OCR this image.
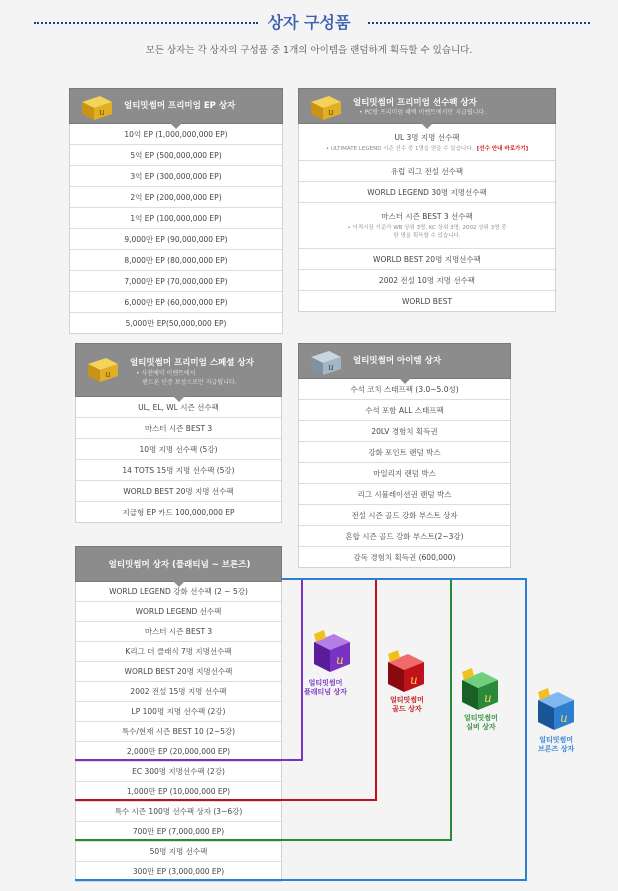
상자 구성품
모든 상자는 각 상자의 구성품 중 1개의 아이템을 랜덤하게 획득할 수 있습니다.
u
얼티밋썸머 프리미엄 EP 상자
10억 EP (1,000,000,000 EP)
5억 EP (500,000,000 EP)
3억 EP (300,000,000 EP)
2억 EP (200,000,000 EP)
1억 EP (100,000,000 EP)
9,000만 EP (90,000,000 EP)
8,000만 EP (80,000,000 EP)
7,000만 EP (70,000,000 EP)
6,000만 EP (60,000,000 EP)
5,000만 EP(50,000,000 EP)
u
얼티밋썸머 프리미엄 선수팩 상자
• PC방 프리미엄 혜택 이벤트에서만 지급됩니다.
UL 3명 지명 선수팩
• ULTIMATE LEGEND 시즌 선수 중 1명을 얻을 수 있습니다. [선수 안내 바로가기]
유럽 리그 전설 선수팩
WORLD LEGEND 30명 지명선수팩
마스터 시즌 BEST 3 선수팩
• 이적시장 기준가 WB 상위 3명, KC 상위 3명, 2002 상위 3명 중
한 명을 획득할 수 있습니다.
WORLD BEST 20명 지명선수팩
2002 전설 10명 지명 선수팩
WORLD BEST
u
얼티밋썸머 프리미엄 스페셜 상자
• 사전예약 이벤트에서
핸드폰 인증 보상으로만 지급됩니다.
UL, EL, WL 시즌 선수팩
마스터 시즌 BEST 3
10명 지명 선수팩 (5강)
14 TOTS 15명 지명 선수팩 (5강)
WORLD BEST 20명 지명 선수팩
지급형 EP 카드 100,000,000 EP
u
얼티밋썸머 아이템 상자
수석 코치 스태프팩 (3.0~5.0성)
수석 포함 ALL 스태프팩
20LV 경험치 획득권
강화 포인트 랜덤 박스
마일리지 랜덤 박스
리그 시뮬레이션권 랜덤 박스
전설 시즌 골드 강화 부스트 상자
혼합 시즌 골드 강화 부스트(2~3강)
감독 경험치 획득권 (600,000)
얼티밋썸머 상자 (플래티넘 ~ 브론즈)
WORLD LEGEND 강화 선수팩 (2 ~ 5강)
WORLD LEGEND 선수팩
마스터 시즌 BEST 3
K리그 더 클래식 7명 지명선수팩
WORLD BEST 20명 지명선수팩
2002 전설 15명 지명 선수팩
LP 100명 지명 선수팩 (2강)
특수/현재 시즌 BEST 10 (2~5강)
2,000만 EP (20,000,000 EP)
EC 300명 지명선수팩 (2강)
1,000만 EP (10,000,000 EP)
특수 시즌 100명 선수팩 상자 (3~6강)
700만 EP (7,000,000 EP)
50명 지명 선수팩
300만 EP (3,000,000 EP)
u
u
u
u
얼티밋썸머
플래티넘 상자
얼티밋썸머
골드 상자
얼티밋썸머
실버 상자
얼티밋썸머
브론즈 상자
